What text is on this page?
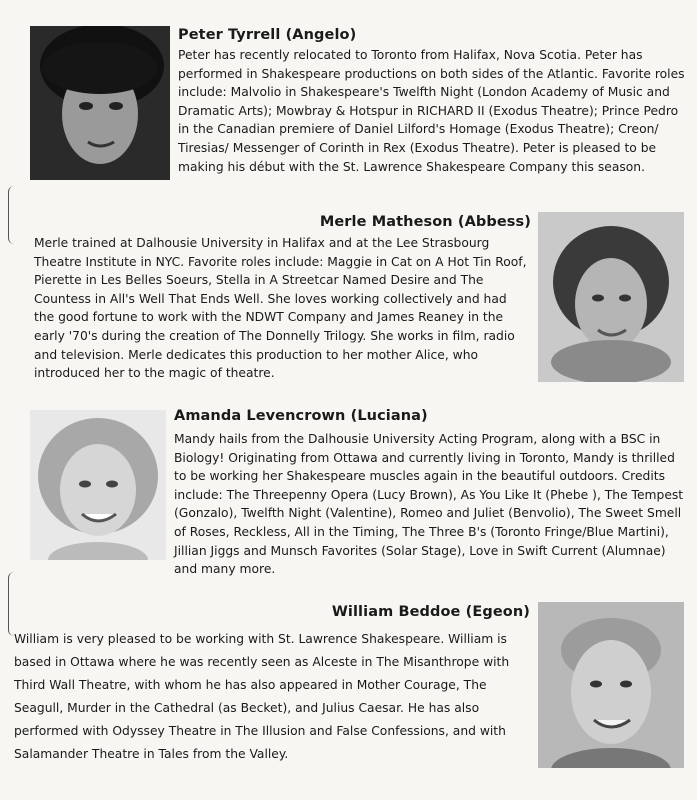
Peter Tyrrell (Angelo)

Peter has recently relocated to Toronto from Halifax, Nova Scotia. Peter has performed in Shakespeare productions on both sides of the Atlantic. Favorite roles include: Malvolio in Shakespeare's Twelfth Night (London Academy of Music and Dramatic Arts); Mowbray & Hotspur in RICHARD II (Exodus Theatre); Prince Pedro in the Canadian premiere of Daniel Lilford's Homage (Exodus Theatre); Creon/ Tiresias/ Messenger of Corinth in Rex (Exodus Theatre). Peter is pleased to be making his début with the St. Lawrence Shakespeare Company this season.

Merle Matheson (Abbess)

Merle trained at Dalhousie University in Halifax and at the Lee Strasbourg Theatre Institute in NYC. Favorite roles include: Maggie in Cat on A Hot Tin Roof, Pierette in Les Belles Soeurs, Stella in A Streetcar Named Desire and The Countess in All's Well That Ends Well. She loves working collectively and had the good fortune to work with the NDWT Company and James Reaney in the early '70's during the creation of The Donnelly Trilogy. She works in film, radio and television. Merle dedicates this production to her mother Alice, who introduced her to the magic of theatre.

Amanda Levencrown (Luciana)

Mandy hails from the Dalhousie University Acting Program, along with a BSC in Biology! Originating from Ottawa and currently living in Toronto, Mandy is thrilled to be working her Shakespeare muscles again in the beautiful outdoors. Credits include: The Threepenny Opera (Lucy Brown), As You Like It (Phebe ), The Tempest (Gonzalo), Twelfth Night (Valentine), Romeo and Juliet (Benvolio), The Sweet Smell of Roses, Reckless, All in the Timing, The Three B's (Toronto Fringe/Blue Martini), Jillian Jiggs and Munsch Favorites (Solar Stage), Love in Swift Current (Alumnae) and many more.

William Beddoe (Egeon)

William is very pleased to be working with St. Lawrence Shakespeare. William is based in Ottawa where he was recently seen as Alceste in The Misanthrope with Third Wall Theatre, with whom he has also appeared in Mother Courage, The Seagull, Murder in the Cathedral (as Becket), and Julius Caesar. He has also performed with Odyssey Theatre in The Illusion and False Confessions, and with Salamander Theatre in Tales from the Valley.
